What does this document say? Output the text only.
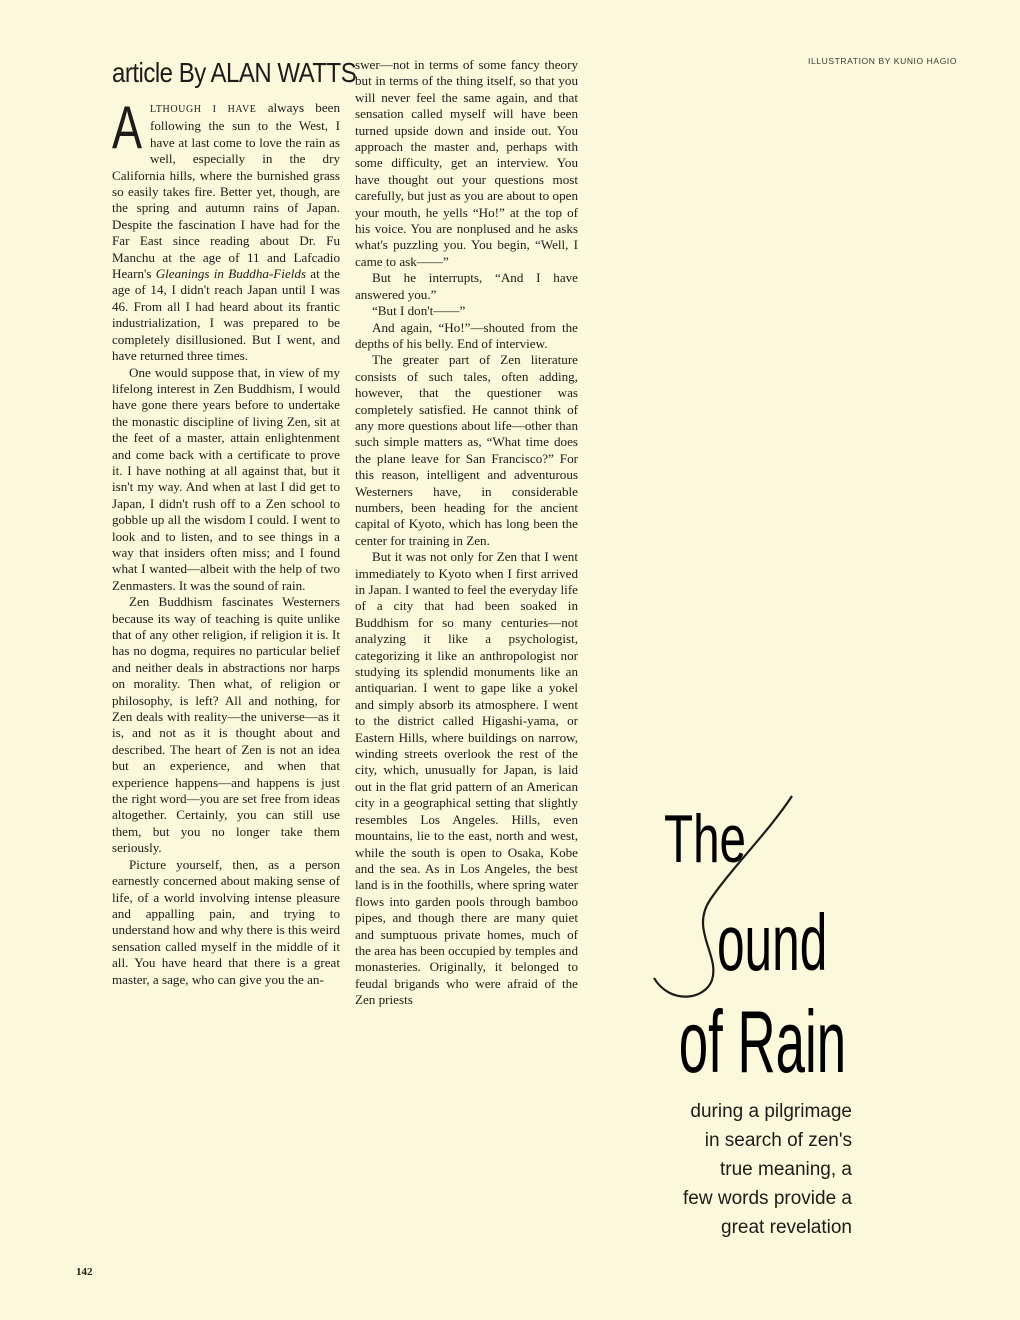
ILLUSTRATION BY KUNIO HAGIO
article By ALAN WATTS

ALTHOUGH I HAVE always been following the sun to the West, I have at last come to love the rain as well, especially in the dry California hills, where the burnished grass so easily takes fire. Better yet, though, are the spring and autumn rains of Japan. Despite the fascination I have had for the Far East since reading about Dr. Fu Manchu at the age of 11 and Lafcadio Hearn's Gleanings in Buddha-Fields at the age of 14, I didn't reach Japan until I was 46. From all I had heard about its frantic industrialization, I was prepared to be completely disillusioned. But I went, and have returned three times.

One would suppose that, in view of my lifelong interest in Zen Buddhism, I would have gone there years before to undertake the monastic discipline of living Zen, sit at the feet of a master, attain enlightenment and come back with a certificate to prove it. I have nothing at all against that, but it isn't my way. And when at last I did get to Japan, I didn't rush off to a Zen school to gobble up all the wisdom I could. I went to look and to listen, and to see things in a way that insiders often miss; and I found what I wanted—albeit with the help of two Zenmasters. It was the sound of rain.

Zen Buddhism fascinates Westerners because its way of teaching is quite unlike that of any other religion, if religion it is. It has no dogma, requires no particular belief and neither deals in abstractions nor harps on morality. Then what, of religion or philosophy, is left? All and nothing, for Zen deals with reality—the universe—as it is, and not as it is thought about and described. The heart of Zen is not an idea but an experience, and when that experience happens—and happens is just the right word—you are set free from ideas altogether. Certainly, you can still use them, but you no longer take them seriously.

Picture yourself, then, as a person earnestly concerned about making sense of life, of a world involving intense pleasure and appalling pain, and trying to understand how and why there is this weird sensation called myself in the middle of it all. You have heard that there is a great master, a sage, who can give you the an-

swer—not in terms of some fancy theory but in terms of the thing itself, so that you will never feel the same again, and that sensation called myself will have been turned upside down and inside out. You approach the master and, perhaps with some difficulty, get an interview. You have thought out your questions most carefully, but just as you are about to open your mouth, he yells “Ho!” at the top of his voice. You are nonplused and he asks what's puzzling you. You begin, “Well, I came to ask——”

But he interrupts, “And I have answered you.”

“But I don't——”

And again, “Ho!”—shouted from the depths of his belly. End of interview.

The greater part of Zen literature consists of such tales, often adding, however, that the questioner was completely satisfied. He cannot think of any more questions about life—other than such simple matters as, “What time does the plane leave for San Francisco?” For this reason, intelligent and adventurous Westerners have, in considerable numbers, been heading for the ancient capital of Kyoto, which has long been the center for training in Zen.

But it was not only for Zen that I went immediately to Kyoto when I first arrived in Japan. I wanted to feel the everyday life of a city that had been soaked in Buddhism for so many centuries—not analyzing it like a psychologist, categorizing it like an anthropologist nor studying its splendid monuments like an antiquarian. I went to gape like a yokel and simply absorb its atmosphere. I went to the district called Higashi-yama, or Eastern Hills, where buildings on narrow, winding streets overlook the rest of the city, which, unusually for Japan, is laid out in the flat grid pattern of an American city in a geographical setting that slightly resembles Los Angeles. Hills, even mountains, lie to the east, north and west, while the south is open to Osaka, Kobe and the sea. As in Los Angeles, the best land is in the foothills, where spring water flows into garden pools through bamboo pipes, and though there are many quiet and sumptuous private homes, much of the area has been occupied by temples and monasteries. Originally, it belonged to feudal brigands who were afraid of the Zen priests

The
ound
of Rain
during a pilgrimage
in search of zen's
true meaning, a
few words provide a
great revelation
142
